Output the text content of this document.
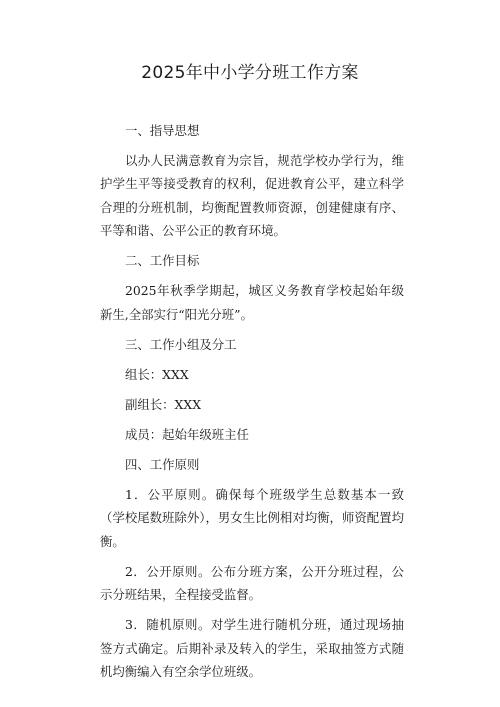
2025年中小学分班工作方案

一、指导思想

以办人民满意教育为宗旨，规范学校办学行为，维护学生平等接受教育的权利，促进教育公平，建立科学合理的分班机制，均衡配置教师资源，创建健康有序、平等和谐、公平公正的教育环境。

二、工作目标

2025年秋季学期起，城区义务教育学校起始年级新生,全部实行“阳光分班”。

三、工作小组及分工

组长：XXX

副组长：XXX

成员：起始年级班主任

四、工作原则

1．公平原则。确保每个班级学生总数基本一致（学校尾数班除外），男女生比例相对均衡，师资配置均衡。

2．公开原则。公布分班方案，公开分班过程，公示分班结果，全程接受监督。

3．随机原则。对学生进行随机分班，通过现场抽签方式确定。后期补录及转入的学生，采取抽签方式随机均衡编入有空余学位班级。
